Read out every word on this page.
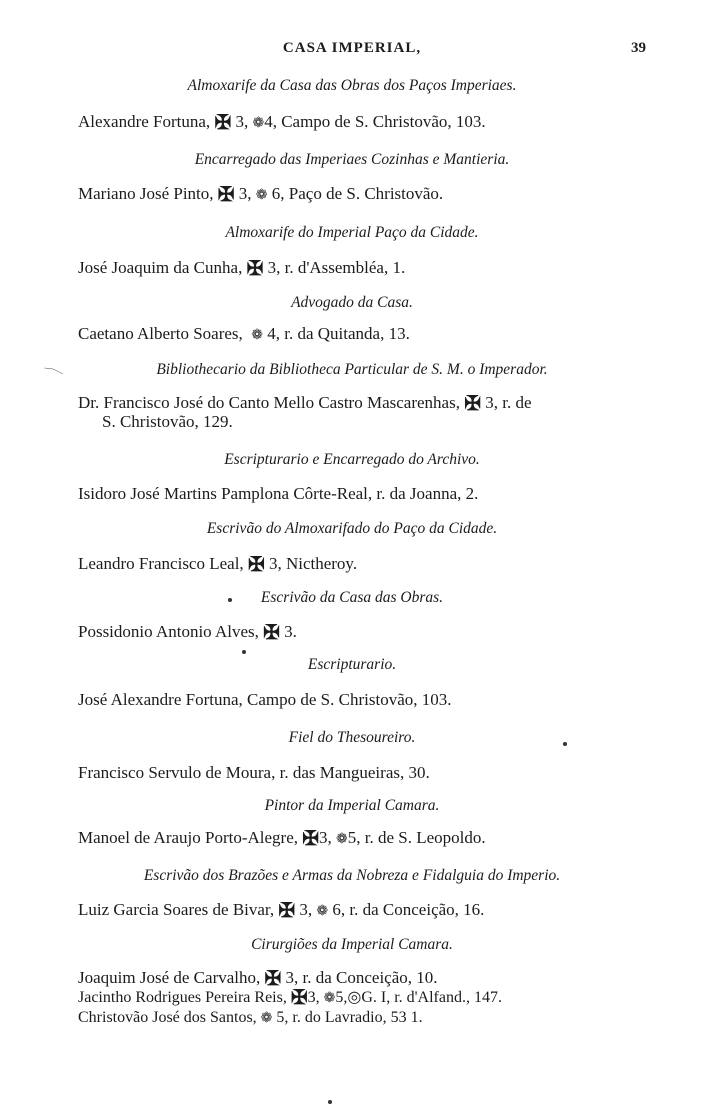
CASA IMPERIAL,	39
Almoxarife da Casa das Obras dos Paços Imperiaes.
Alexandre Fortuna, ✠ 3, ❁4, Campo de S. Christovão, 103.
Encarregado das Imperiaes Cozinhas e Mantieria.
Mariano José Pinto, ✠ 3, ❁ 6, Paço de S. Christovão.
Almoxarife do Imperial Paço da Cidade.
José Joaquim da Cunha, ✠ 3, r. d'Assembléa, 1.
Advogado da Casa.
Caetano Alberto Soares, ❁ 4, r. da Quitanda, 13.
Bibliothecario da Bibliotheca Particular de S. M. o Imperador.
Dr. Francisco José do Canto Mello Castro Mascarenhas, ✠ 3, r. de
S. Christovão, 129.
Escripturario e Encarregado do Archivo.
Isidoro José Martins Pamplona Côrte-Real, r. da Joanna, 2.
Escrivão do Almoxarifado do Paço da Cidade.
Leandro Francisco Leal, ✠ 3, Nictheroy.
Escrivão da Casa das Obras.
Possidonio Antonio Alves, ✠ 3.
Escripturario.
José Alexandre Fortuna, Campo de S. Christovão, 103.
Fiel do Thesoureiro.
Francisco Servulo de Moura, r. das Mangueiras, 30.
Pintor da Imperial Camara.
Manoel de Araujo Porto-Alegre, ✠3, ❁5, r. de S. Leopoldo.
Escrivão dos Brazões e Armas da Nobreza e Fidalguia do Imperio.
Luiz Garcia Soares de Bivar, ✠ 3, ❁ 6, r. da Conceição, 16.
Cirurgiões da Imperial Camara.
Joaquim José de Carvalho, ✠ 3, r. da Conceição, 10.
Jacintho Rodrigues Pereira Reis, ✠3, ❁5,◎G. I, r. d'Alfand., 147.
Christovão José dos Santos, ❁ 5, r. do Lavradio, 53 1.
